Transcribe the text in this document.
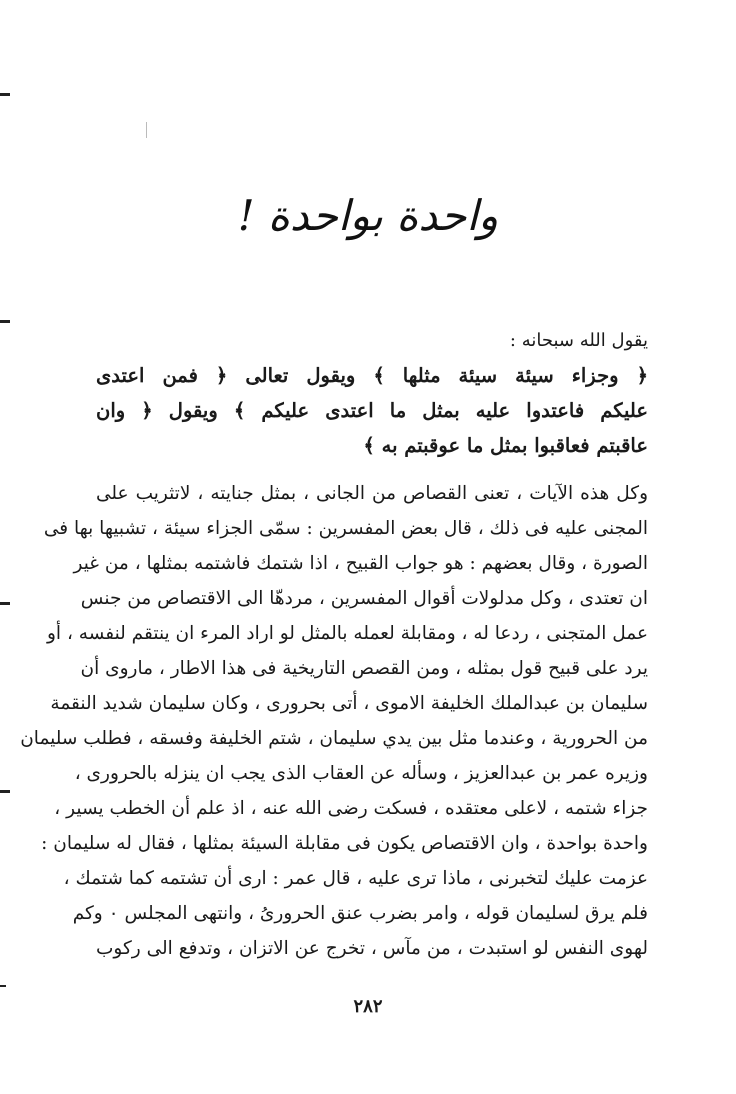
واحدة بواحدة !
يقول الله سبحانه :
﴿ وجزاء سيئة سيئة مثلها ﴾ ويقول تعالى ﴿ فمن اعتدى
عليكم فاعتدوا عليه بمثل ما اعتدى عليكم ﴾ ويقول ﴿ وان
عاقبتم فعاقبوا بمثل ما عوقبتم به ﴾
وكل هذه الآيات ، تعنى القصاص من الجانى ، بمثل جنايته ، لاتثريب على
المجنى عليه فى ذلك ، قال بعض المفسرين : سمّى الجزاء سيئة ، تشبيها بها فى
الصورة ، وقال بعضهم : هو جواب القبيح ، اذا شتمك فاشتمه بمثلها ، من غير
ان تعتدى ، وكل مدلولات أقوال المفسرين ، مردهّا الى الاقتصاص من جنس
عمل المتجنى ، ردعا له ، ومقابلة لعمله بالمثل لو اراد المرء ان ينتقم لنفسه ، أو
يرد على قبيح قول بمثله ، ومن القصص التاريخية فى هذا الاطار ، ماروى أن
سليمان بن عبدالملك الخليفة الاموى ، أتى بحرورى ، وكان سليمان شديد النقمة
من الحرورية ، وعندما مثل بين يدي سليمان ، شتم الخليفة وفسقه ، فطلب سليمان
وزيره عمر بن عبدالعزيز ، وسأله عن العقاب الذى يجب ان ينزله بالحرورى ،
جزاء شتمه ، لاعلى معتقده ، فسكت رضى الله عنه ، اذ علم أن الخطب يسير ،
واحدة بواحدة ، وان الاقتصاص يكون فى مقابلة السيئة بمثلها ، فقال له سليمان :
عزمت عليك لتخبرنى ، ماذا ترى عليه ، قال عمر : ارى أن تشتمه كما شتمك ،
فلم يرق لسليمان قوله ، وامر بضرب عنق الحرورىُ ، وانتهى المجلس ٠ وكم
لهوى النفس لو استبدت ، من مآس ، تخرج عن الاتزان ، وتدفع الى ركوب
٢٨٢
